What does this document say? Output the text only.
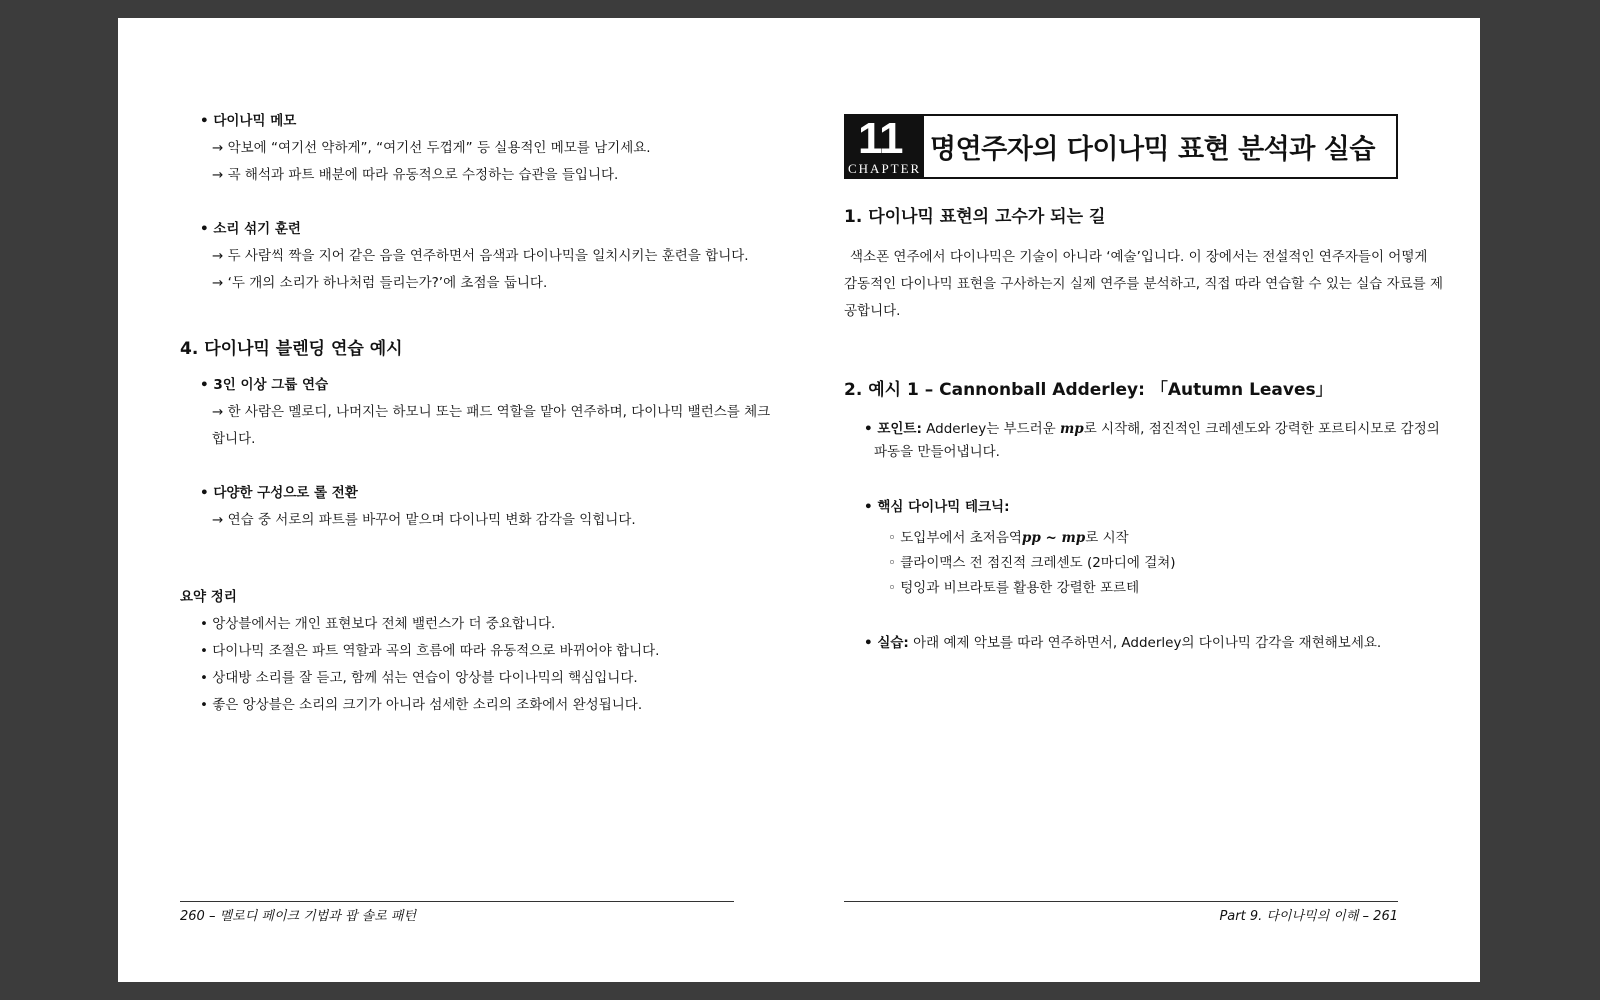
• 다이나믹 메모
→ 악보에 “여기선 약하게”, “여기선 두껍게” 등 실용적인 메모를 남기세요.
→ 곡 해석과 파트 배분에 따라 유동적으로 수정하는 습관을 들입니다.
• 소리 섞기 훈련
→ 두 사람씩 짝을 지어 같은 음을 연주하면서 음색과 다이나믹을 일치시키는 훈련을 합니다.
→ ‘두 개의 소리가 하나처럼 들리는가?’에 초점을 둡니다.
4. 다이나믹 블렌딩 연습 예시
• 3인 이상 그룹 연습
→ 한 사람은 멜로디, 나머지는 하모니 또는 패드 역할을 맡아 연주하며, 다이나믹 밸런스를 체크
합니다.
• 다양한 구성으로 롤 전환
→ 연습 중 서로의 파트를 바꾸어 맡으며 다이나믹 변화 감각을 익힙니다.
요약 정리
• 앙상블에서는 개인 표현보다 전체 밸런스가 더 중요합니다.
• 다이나믹 조절은 파트 역할과 곡의 흐름에 따라 유동적으로 바뀌어야 합니다.
• 상대방 소리를 잘 듣고, 함께 섞는 연습이 앙상블 다이나믹의 핵심입니다.
• 좋은 앙상블은 소리의 크기가 아니라 섬세한 소리의 조화에서 완성됩니다.
260 – 멜로디 페이크 기법과 팝 솔로 패턴
11
CHAPTER
명연주자의 다이나믹 표현 분석과 실습
1. 다이나믹 표현의 고수가 되는 길
색소폰 연주에서 다이나믹은 기술이 아니라 ‘예술’입니다. 이 장에서는 전설적인 연주자들이 어떻게
감동적인 다이나믹 표현을 구사하는지 실제 연주를 분석하고, 직접 따라 연습할 수 있는 실습 자료를 제
공합니다.
2. 예시 1 – Cannonball Adderley: 「Autumn Leaves」
• 포인트: Adderley는 부드러운 mp로 시작해, 점진적인 크레센도와 강력한 포르티시모로 감정의
파동을 만들어냅니다.
• 핵심 다이나믹 테크닉:
◦ 도입부에서 초저음역pp ~ mp로 시작
◦ 클라이맥스 전 점진적 크레센도 (2마디에 걸쳐)
◦ 텅잉과 비브라토를 활용한 강렬한 포르테
• 실습: 아래 예제 악보를 따라 연주하면서, Adderley의 다이나믹 감각을 재현해보세요.
Part 9. 다이나믹의 이해 – 261
